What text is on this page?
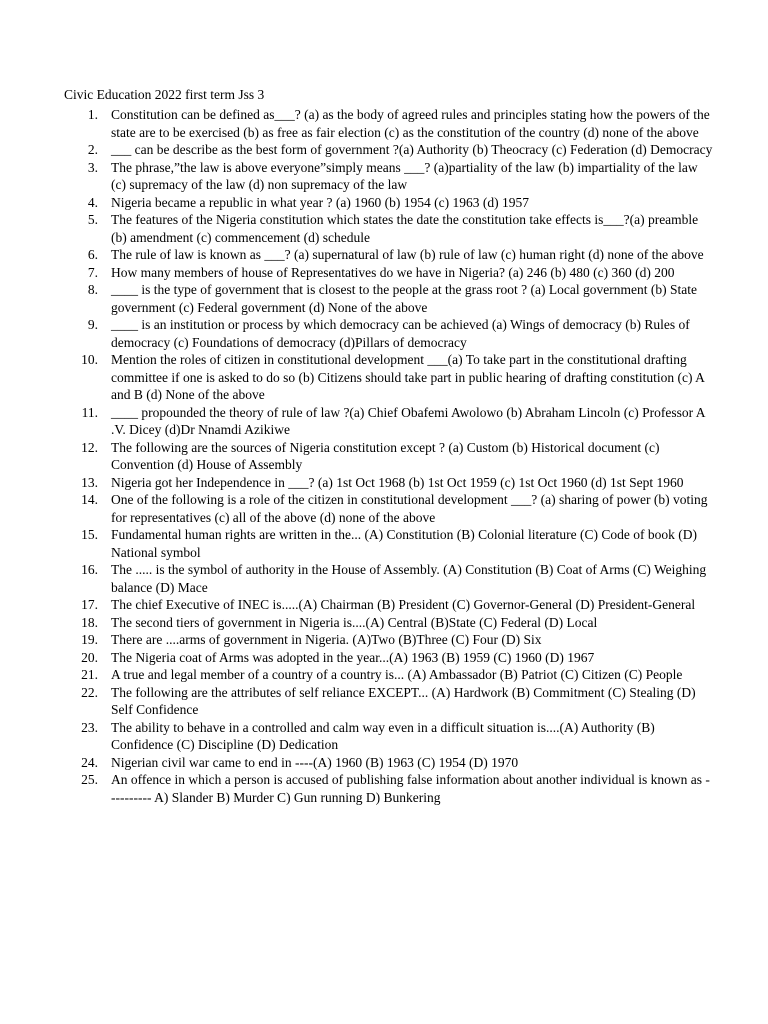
Civic Education 2022 first term Jss 3
1. Constitution can be defined as___? (a) as the body of agreed rules and principles stating how the powers of the state are to be exercised (b) as free as fair election (c) as the constitution of the country (d) none of the above
2. ___ can be describe as the best form of government ?(a) Authority (b) Theocracy (c) Federation (d) Democracy
3. The phrase,”the law is above everyone”simply means ___? (a)partiality of the law (b) impartiality of the law (c) supremacy of the law (d) non supremacy of the law
4. Nigeria became a republic in what year ? (a) 1960 (b) 1954 (c) 1963 (d) 1957
5. The features of the Nigeria constitution which states the date the constitution take effects is___?(a) preamble (b) amendment (c) commencement (d) schedule
6. The rule of law is known as ___? (a) supernatural of law (b) rule of law (c) human right (d) none of the above
7. How many members of house of Representatives do we have in Nigeria? (a) 246 (b) 480 (c) 360 (d) 200
8. ____ is the type of government that is closest to the people at the grass root ? (a) Local government (b) State government (c) Federal government (d) None of the above
9. ____ is an institution or process by which democracy can be achieved (a) Wings of democracy (b) Rules of democracy (c) Foundations of democracy (d)Pillars of democracy
10. Mention the roles of citizen in constitutional development ___(a) To take part in the constitutional drafting committee if one is asked to do so (b) Citizens should take part in public hearing of drafting constitution (c) A and B (d) None of the above
11. ____ propounded the theory of rule of law ?(a) Chief Obafemi Awolowo (b) Abraham Lincoln (c) Professor A .V. Dicey (d)Dr Nnamdi Azikiwe
12. The following are the sources of Nigeria constitution except ? (a) Custom (b) Historical document (c) Convention (d) House of Assembly
13. Nigeria got her Independence in ___? (a) 1st Oct 1968 (b) 1st Oct 1959 (c) 1st Oct 1960 (d) 1st Sept 1960
14. One of the following is a role of the citizen in constitutional development ___? (a) sharing of power (b) voting for representatives (c) all of the above (d) none of the above
15. Fundamental human rights are written in the... (A) Constitution (B) Colonial literature (C) Code of book (D) National symbol
16. The ..... is the symbol of authority in the House of Assembly. (A) Constitution (B) Coat of Arms (C) Weighing balance (D) Mace
17. The chief Executive of INEC is.....(A) Chairman (B) President (C) Governor-General (D) President-General
18. The second tiers of government in Nigeria is....(A) Central (B)State (C) Federal (D) Local
19. There are ....arms of government in Nigeria. (A)Two (B)Three (C) Four (D) Six
20. The Nigeria coat of Arms was adopted in the year...(A) 1963 (B) 1959 (C) 1960 (D) 1967
21. A true and legal member of a country of a country is... (A) Ambassador (B) Patriot (C) Citizen (C) People
22. The following are the attributes of self reliance EXCEPT... (A) Hardwork (B) Commitment (C) Stealing (D) Self Confidence
23. The ability to behave in a controlled and calm way even in a difficult situation is....(A) Authority (B) Confidence (C) Discipline (D) Dedication
24. Nigerian civil war came to end in ----(A) 1960 (B) 1963 (C) 1954 (D) 1970
25. An offence in which a person is accused of publishing false information about another individual is known as ---------- A) Slander B) Murder C) Gun running D) Bunkering
